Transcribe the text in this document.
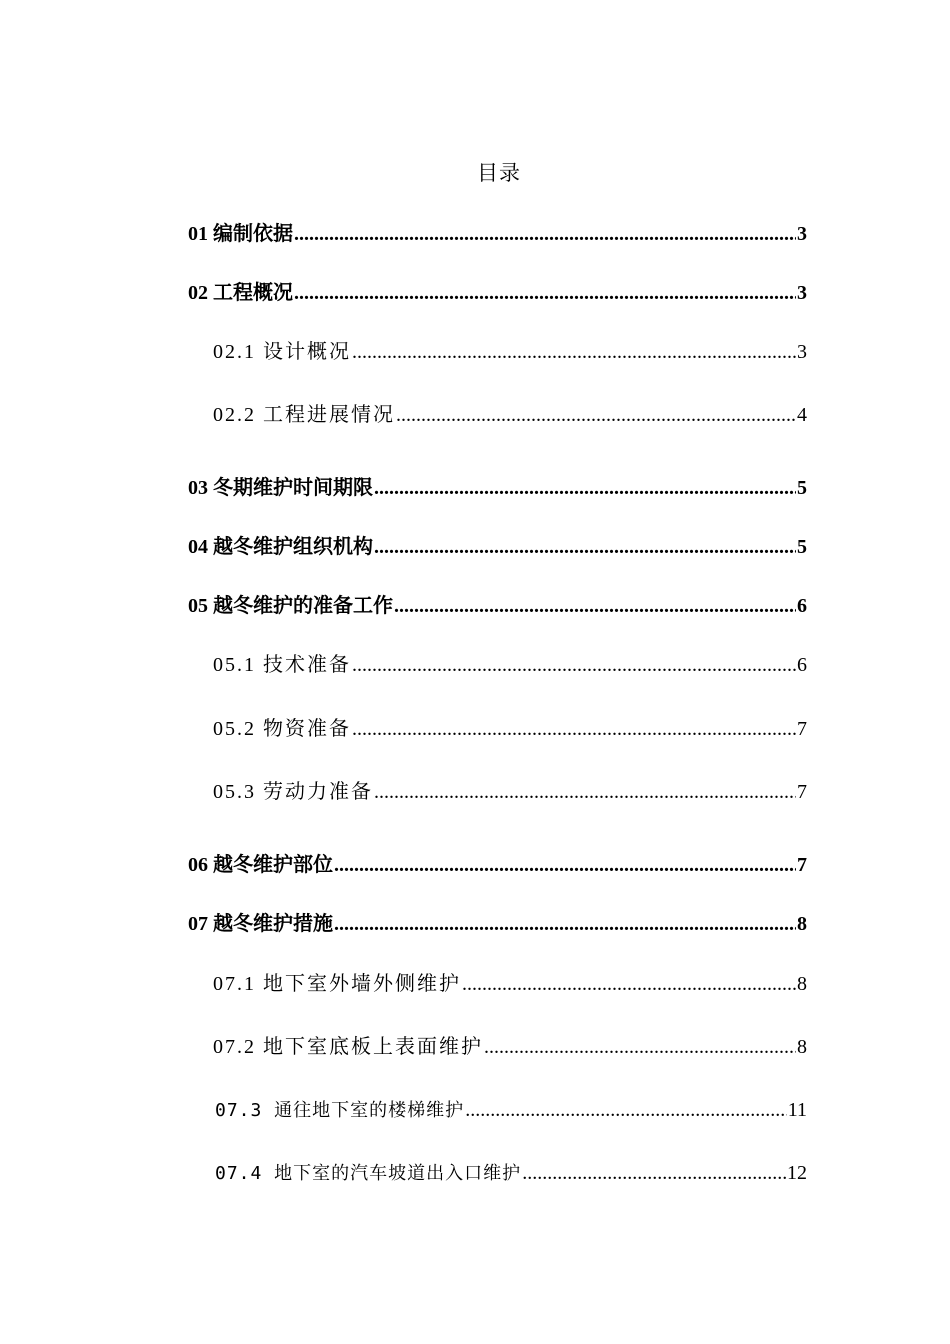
目录
01 编制依据 .....	3
02 工程概况 .....	3
02.1 设计概况 .....	3
02.2 工程进展情况 .....	4
03 冬期维护时间期限 .....	5
04 越冬维护组织机构 .....	5
05 越冬维护的准备工作 .....	6
05.1 技术准备 .....	6
05.2 物资准备 .....	7
05.3 劳动力准备 .....	7
06 越冬维护部位 .....	7
07 越冬维护措施 .....	8
07.1 地下室外墙外侧维护 .....	8
07.2 地下室底板上表面维护 .....	8
07.3 通往地下室的楼梯维护 .....	11
07.4 地下室的汽车坡道出入口维护 .....	12
